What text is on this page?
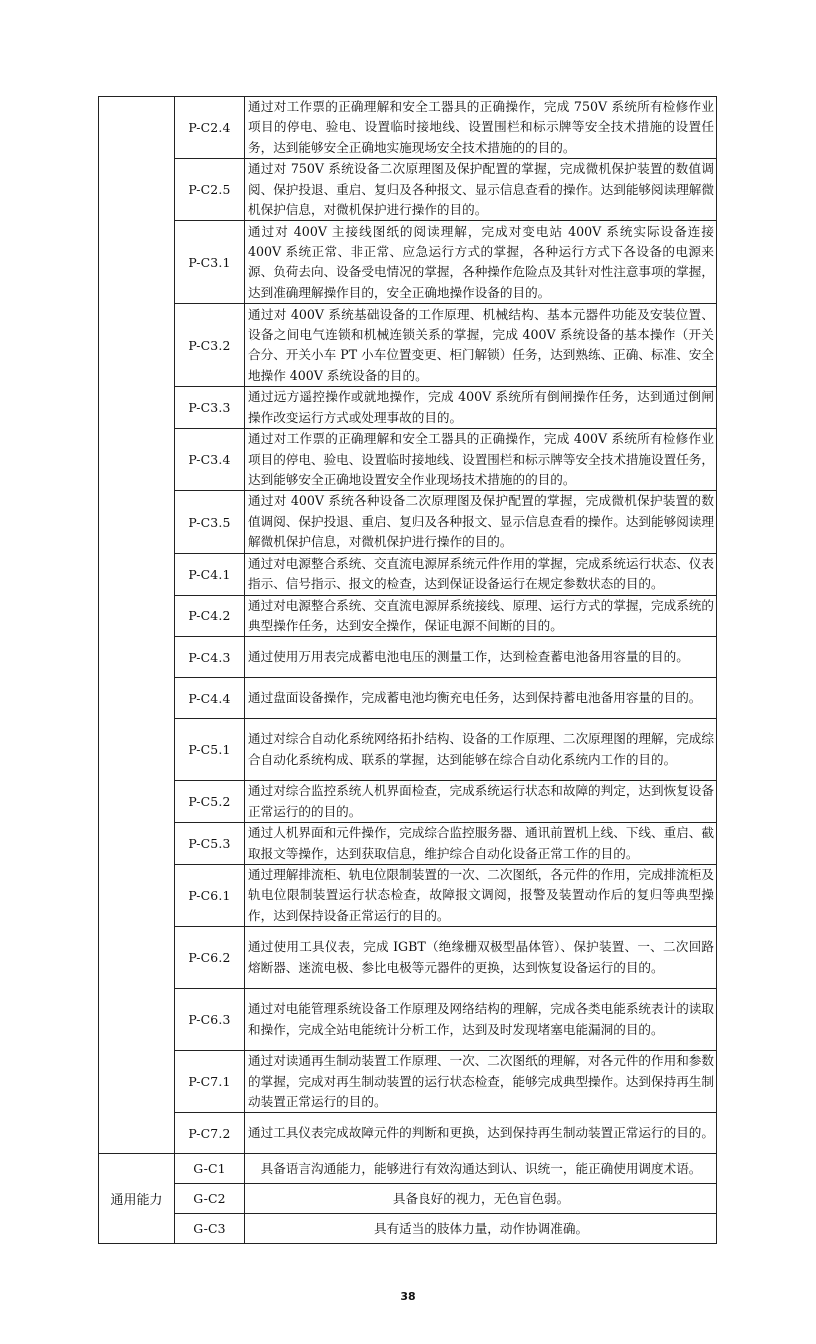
	P-C2.4	通过对工作票的正确理解和安全工器具的正确操作，完成 750V 系统所有检修作业项目的停电、验电、设置临时接地线、设置围栏和标示牌等安全技术措施的设置任务，达到能够安全正确地实施现场安全技术措施的的目的。
	P-C2.5	通过对 750V 系统设备二次原理图及保护配置的掌握，完成微机保护装置的数值调阅、保护投退、重启、复归及各种报文、显示信息查看的操作。达到能够阅读理解微机保护信息，对微机保护进行操作的目的。
	P-C3.1	通过对 400V 主接线图纸的阅读理解，完成对变电站 400V 系统实际设备连接400V 系统正常、非正常、应急运行方式的掌握，各种运行方式下各设备的电源来源、负荷去向、设备受电情况的掌握，各种操作危险点及其针对性注意事项的掌握，达到准确理解操作目的，安全正确地操作设备的目的。
	P-C3.2	通过对 400V 系统基础设备的工作原理、机械结构、基本元器件功能及安装位置、设备之间电气连锁和机械连锁关系的掌握，完成 400V 系统设备的基本操作（开关合分、开关小车 PT 小车位置变更、柜门解锁）任务，达到熟练、正确、标准、安全地操作 400V 系统设备的目的。
	P-C3.3	通过远方遥控操作或就地操作，完成 400V 系统所有倒闸操作任务，达到通过倒闸操作改变运行方式或处理事故的目的。
	P-C3.4	通过对工作票的正确理解和安全工器具的正确操作，完成 400V 系统所有检修作业项目的停电、验电、设置临时接地线、设置围栏和标示牌等安全技术措施设置任务，达到能够安全正确地设置安全作业现场技术措施的的目的。
	P-C3.5	通过对 400V 系统各种设备二次原理图及保护配置的掌握，完成微机保护装置的数值调阅、保护投退、重启、复归及各种报文、显示信息查看的操作。达到能够阅读理解微机保护信息，对微机保护进行操作的目的。
	P-C4.1	通过对电源整合系统、交直流电源屏系统元件作用的掌握，完成系统运行状态、仪表指示、信号指示、报文的检查，达到保证设备运行在规定参数状态的目的。
	P-C4.2	通过对电源整合系统、交直流电源屏系统接线、原理、运行方式的掌握，完成系统的典型操作任务，达到安全操作，保证电源不间断的目的。
	P-C4.3	通过使用万用表完成蓄电池电压的测量工作，达到检查蓄电池备用容量的目的。
	P-C4.4	通过盘面设备操作，完成蓄电池均衡充电任务，达到保持蓄电池备用容量的目的。
	P-C5.1	通过对综合自动化系统网络拓扑结构、设备的工作原理、二次原理图的理解，完成综合自动化系统构成、联系的掌握，达到能够在综合自动化系统内工作的目的。
	P-C5.2	通过对综合监控系统人机界面检查，完成系统运行状态和故障的判定，达到恢复设备正常运行的的目的。
	P-C5.3	通过人机界面和元件操作，完成综合监控服务器、通讯前置机上线、下线、重启、截取报文等操作，达到获取信息，维护综合自动化设备正常工作的目的。
	P-C6.1	通过理解排流柜、轨电位限制装置的一次、二次图纸，各元件的作用，完成排流柜及轨电位限制装置运行状态检查，故障报文调阅，报警及装置动作后的复归等典型操作，达到保持设备正常运行的目的。
	P-C6.2	通过使用工具仪表，完成 IGBT（绝缘栅双极型晶体管）、保护装置、一、二次回路熔断器、迷流电极、参比电极等元器件的更换，达到恢复设备运行的目的。
	P-C6.3	通过对电能管理系统设备工作原理及网络结构的理解，完成各类电能系统表计的读取和操作，完成全站电能统计分析工作，达到及时发现堵塞电能漏洞的目的。
	P-C7.1	通过对读通再生制动装置工作原理、一次、二次图纸的理解，对各元件的作用和参数的掌握，完成对再生制动装置的运行状态检查，能够完成典型操作。达到保持再生制动装置正常运行的目的。
	P-C7.2	通过工具仪表完成故障元件的判断和更换，达到保持再生制动装置正常运行的目的。
通用能力	G-C1	具备语言沟通能力，能够进行有效沟通达到认、识统一，能正确使用调度术语。
	G-C2	具备良好的视力，无色盲色弱。
	G-C3	具有适当的肢体力量，动作协调准确。
38
